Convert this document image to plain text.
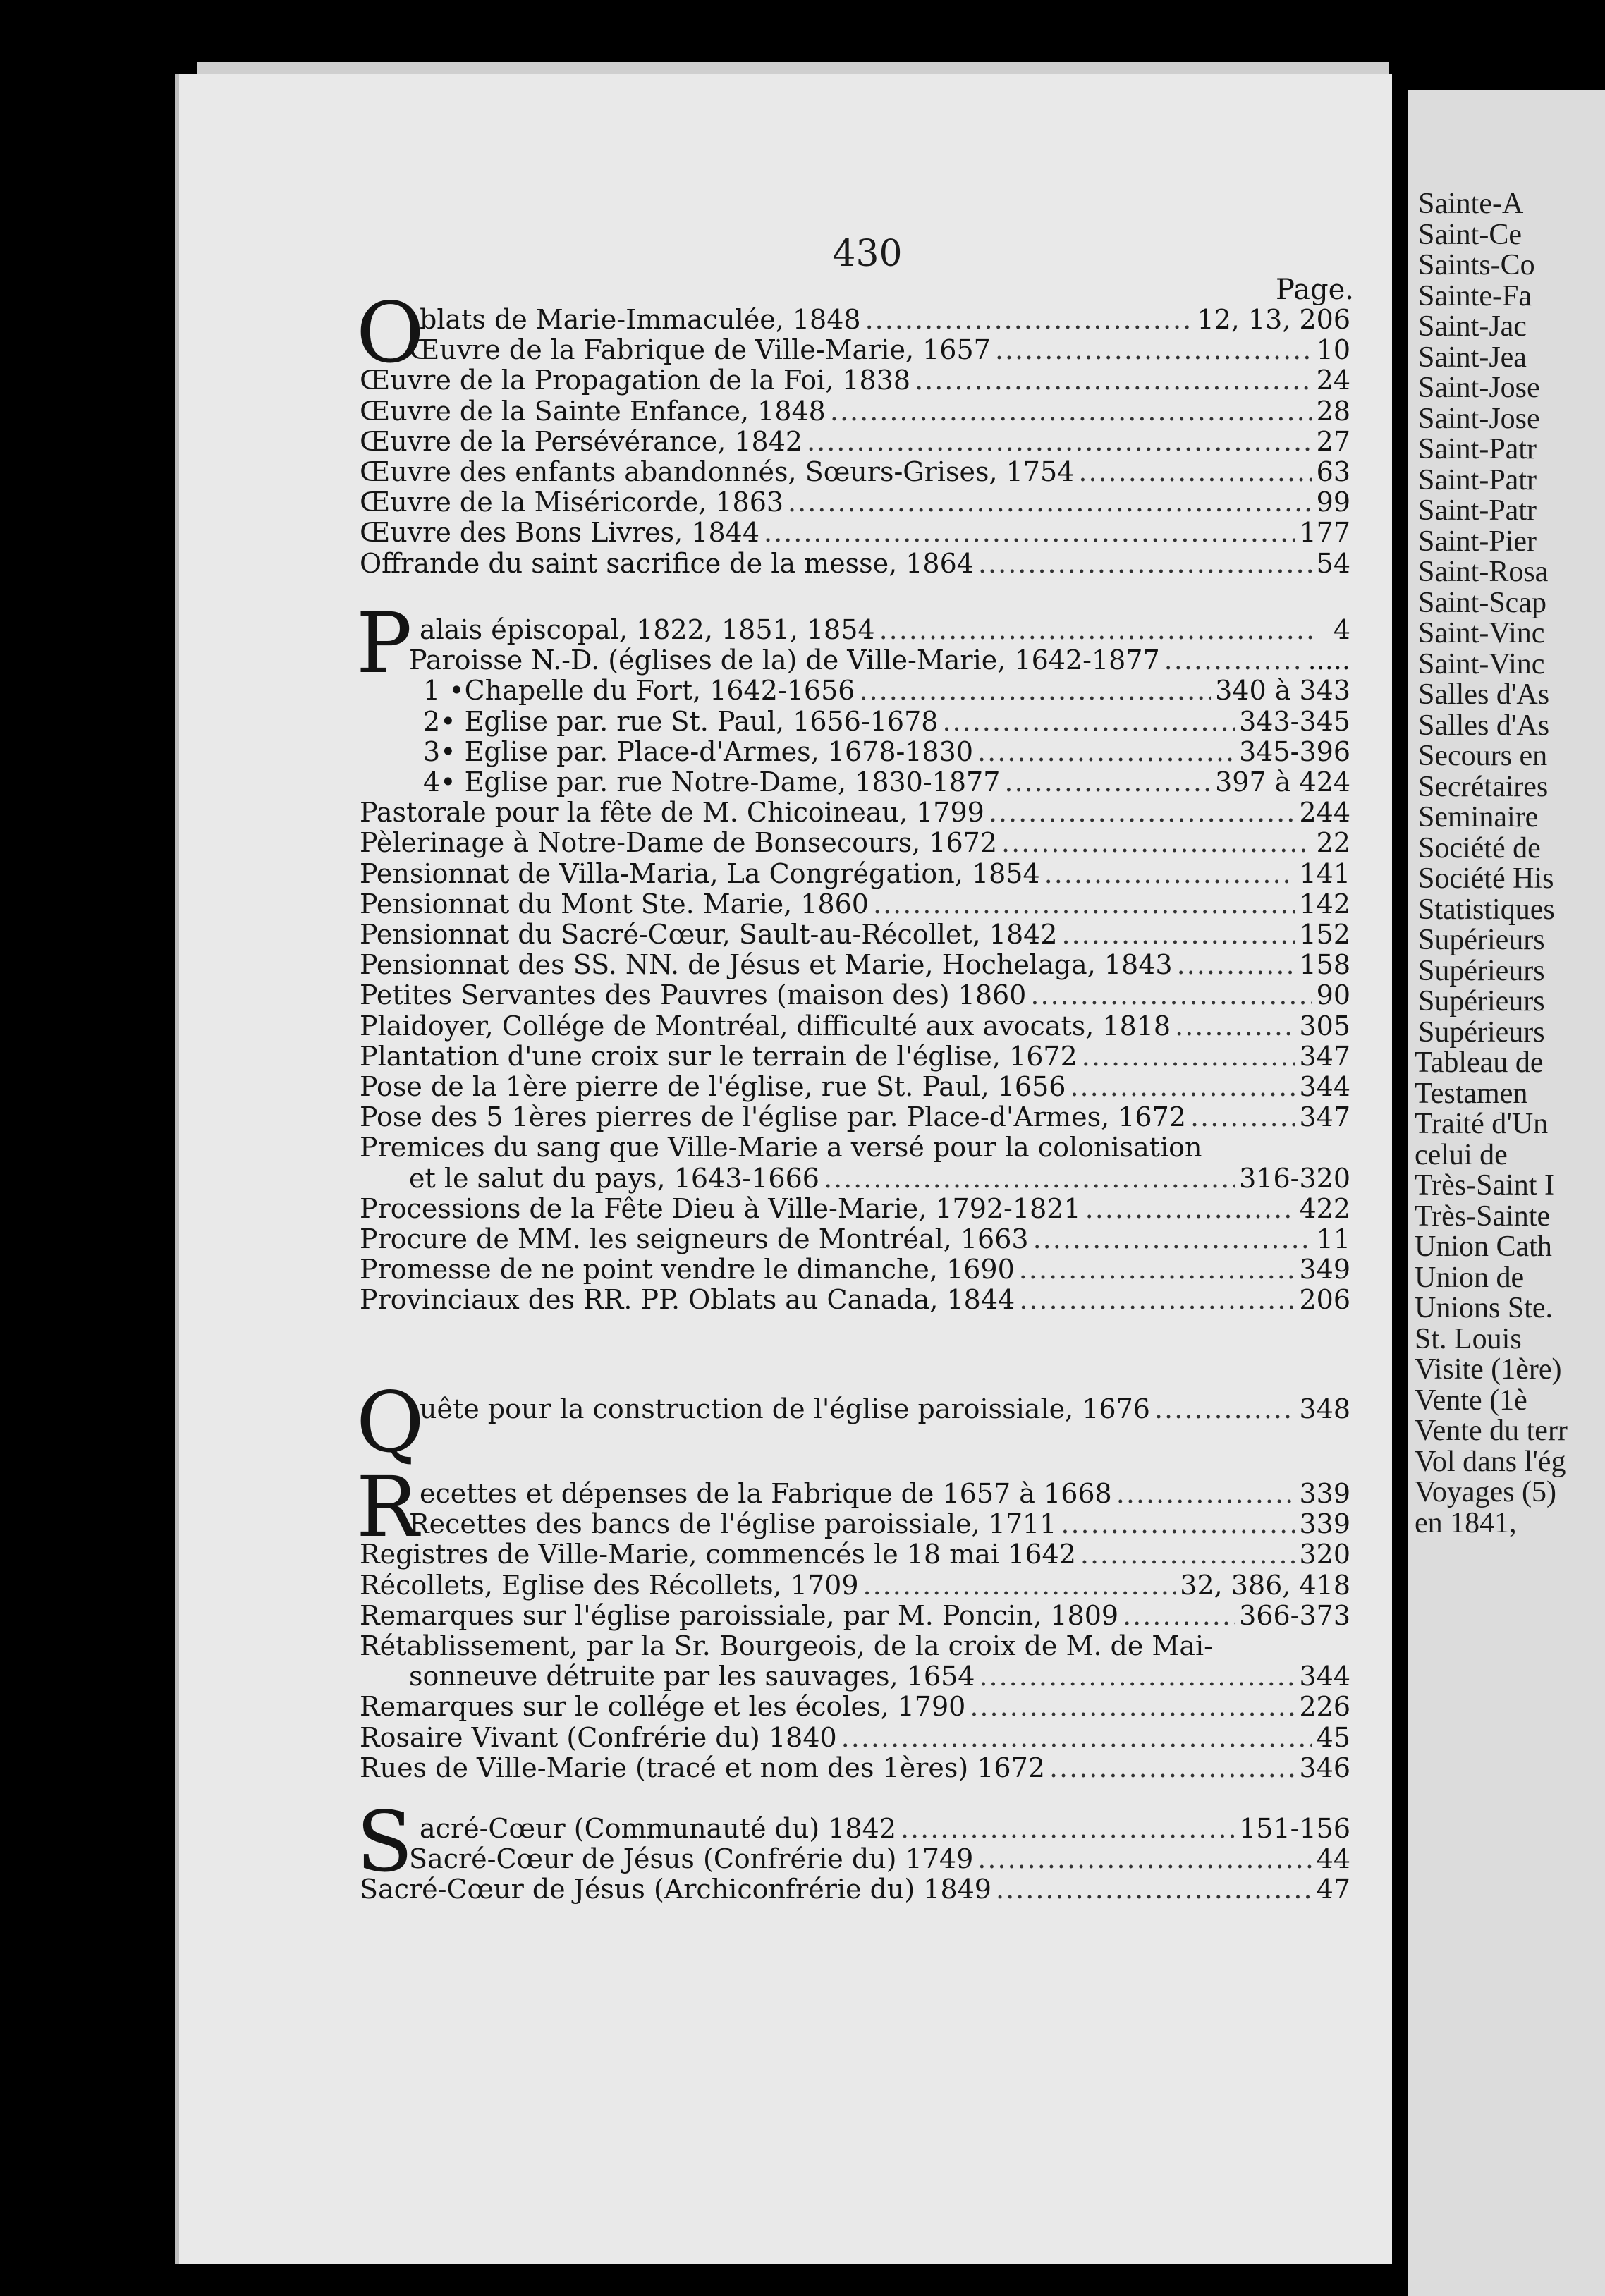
430
Page.
O
blats de Marie-Immaculée, 1848 .....	12, 13, 206
Œuvre de la Fabrique de Ville-Marie, 1657 .....	10
Œuvre de la Propagation de la Foi, 1838 .....	24
Œuvre de la Sainte Enfance, 1848 .....	28
Œuvre de la Persévérance, 1842 .....	27
Œuvre des enfants abandonnés, Sœurs-Grises, 1754 .....	63
Œuvre de la Miséricorde, 1863 .....	99
Œuvre des Bons Livres, 1844 .....	177
Offrande du saint sacrifice de la messe, 1864 .....	54
P alais épiscopal, 1822, 1851, 1854 .....	4
Paroisse N.-D. (églises de la) de Ville-Marie, 1642-1877 .....	.....
1 •Chapelle du Fort, 1642-1656 .....	340 à 343
2• Eglise par. rue St. Paul, 1656-1678 .....	343-345
3• Eglise par. Place-d'Armes, 1678-1830 .....	345-396
4• Eglise par. rue Notre-Dame, 1830-1877 .....	397 à 424
Pastorale pour la fête de M. Chicoineau, 1799 .....	244
Pèlerinage à Notre-Dame de Bonsecours, 1672 .....	22
Pensionnat de Villa-Maria, La Congrégation, 1854 .....	141
Pensionnat du Mont Ste. Marie, 1860 .....	142
Pensionnat du Sacré-Cœur, Sault-au-Récollet, 1842 .....	152
Pensionnat des SS. NN. de Jésus et Marie, Hochelaga, 1843 .....	158
Petites Servantes des Pauvres (maison des) 1860 .....	90
Plaidoyer, Collége de Montréal, difficulté aux avocats, 1818 .....	305
Plantation d'une croix sur le terrain de l'église, 1672 .....	347
Pose de la 1ère pierre de l'église, rue St. Paul, 1656 .....	344
Pose des 5 1ères pierres de l'église par. Place-d'Armes, 1672 .....	347
Premices du sang que Ville-Marie a versé pour la colonisation
et le salut du pays, 1643-1666 .....	316-320
Processions de la Fête Dieu à Ville-Marie, 1792-1821 .....	422
Procure de MM. les seigneurs de Montréal, 1663 .....	11
Promesse de ne point vendre le dimanche, 1690 .....	349
Provinciaux des RR. PP. Oblats au Canada, 1844 .....	206
Q
uête pour la construction de l'église paroissiale, 1676 .....	348
R ecettes et dépenses de la Fabrique de 1657 à 1668 .....	339
Recettes des bancs de l'église paroissiale, 1711 .....	339
Registres de Ville-Marie, commencés le 18 mai 1642 .....	320
Récollets, Eglise des Récollets, 1709 .....	32, 386, 418
Remarques sur l'église paroissiale, par M. Poncin, 1809 .....	366-373
Rétablissement, par la Sr. Bourgeois, de la croix de M. de Mai-
sonneuve détruite par les sauvages, 1654 .....	344
Remarques sur le collége et les écoles, 1790 .....	226
Rosaire Vivant (Confrérie du) 1840 .....	45
Rues de Ville-Marie (tracé et nom des 1ères) 1672 .....	346
S acré-Cœur (Communauté du) 1842 .....	151-156
Sacré-Cœur de Jésus (Confrérie du) 1749 .....	44
Sacré-Cœur de Jésus (Archiconfrérie du) 1849 .....	47
Sainte-A
Saint-Ce
Saints-Co
Sainte-Fa
Saint-Jac
Saint-Jea
Saint-Jose
Saint-Jose
Saint-Patr
Saint-Patr
Saint-Patr
Saint-Pier
Saint-Rosa
Saint-Scap
Saint-Vinc
Saint-Vinc
Salles d'As
Salles d'As
Secours en
Secrétaires
Seminaire
Société de
Société His
Statistiques
Supérieurs
Supérieurs
Supérieurs
Supérieurs
Tableau de
Testamen
Traité d'Un
celui de
Très-Saint I
Très-Sainte
Union Cath
Union de
Unions Ste.
St. Louis
Visite (1ère)
Vente (1è
Vente du terr
Vol dans l'ég
Voyages (5)
en 1841,
